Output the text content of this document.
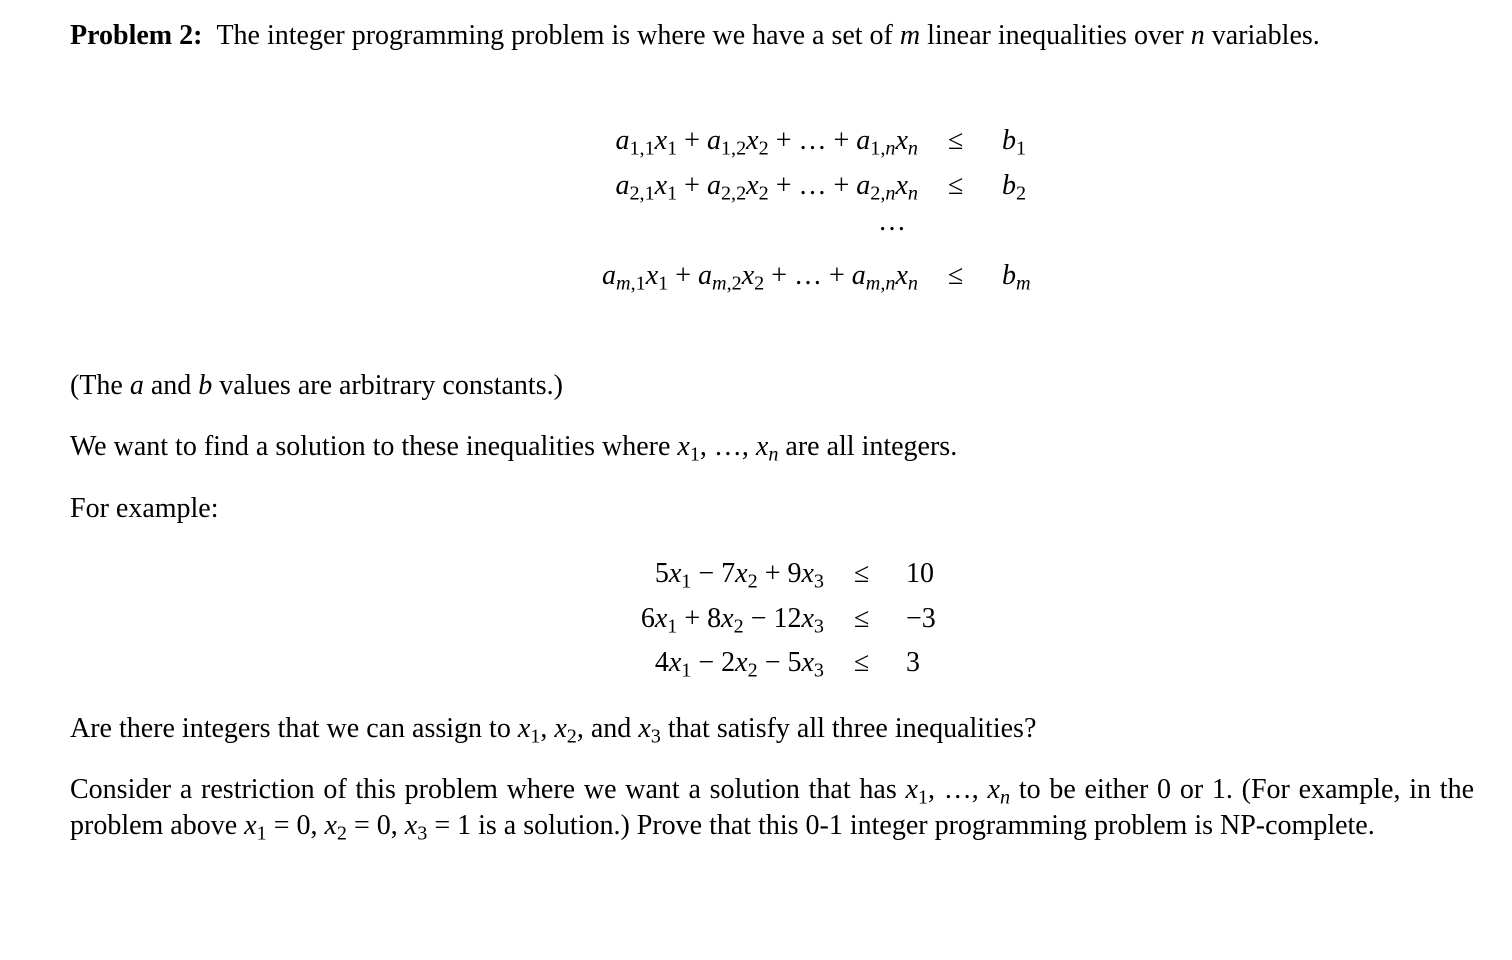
Problem 2: The integer programming problem is where we have a set of m linear inequalities over n variables.

$a_{1,1}x_1 + a_{1,2}x_2$ + … + $a_{1,n}x_n \le b_1$
$a_{2,1}x_1 + a_{2,2}x_2$ + … + $a_{2,n}x_n \le b_2$
…
$a_{m,1}x_1 + a_{m,2}x_2$ + … + $a_{m,n}x_n \le b_m$

(The a and b values are arbitrary constants.)

We want to find a solution to these inequalities where $x_1$, …, $x_n$ are all integers.

For example:

$5x_1 - 7x_2 + 9x_3 \le 10$
$6x_1 + 8x_2 - 12x_3 \le -3$
$4x_1 - 2x_2 - 5x_3 \le 3$

Are there integers that we can assign to $x_1$, $x_2$, and $x_3$ that satisfy all three inequalities?

Consider a restriction of this problem where we want a solution that has $x_1$, …, $x_n$ to be either 0 or 1. (For example, in the problem above $x_1 = 0$, $x_2 = 0$, $x_3 = 1$ is a solution.) Prove that this 0-1 integer programming problem is NP-complete.
